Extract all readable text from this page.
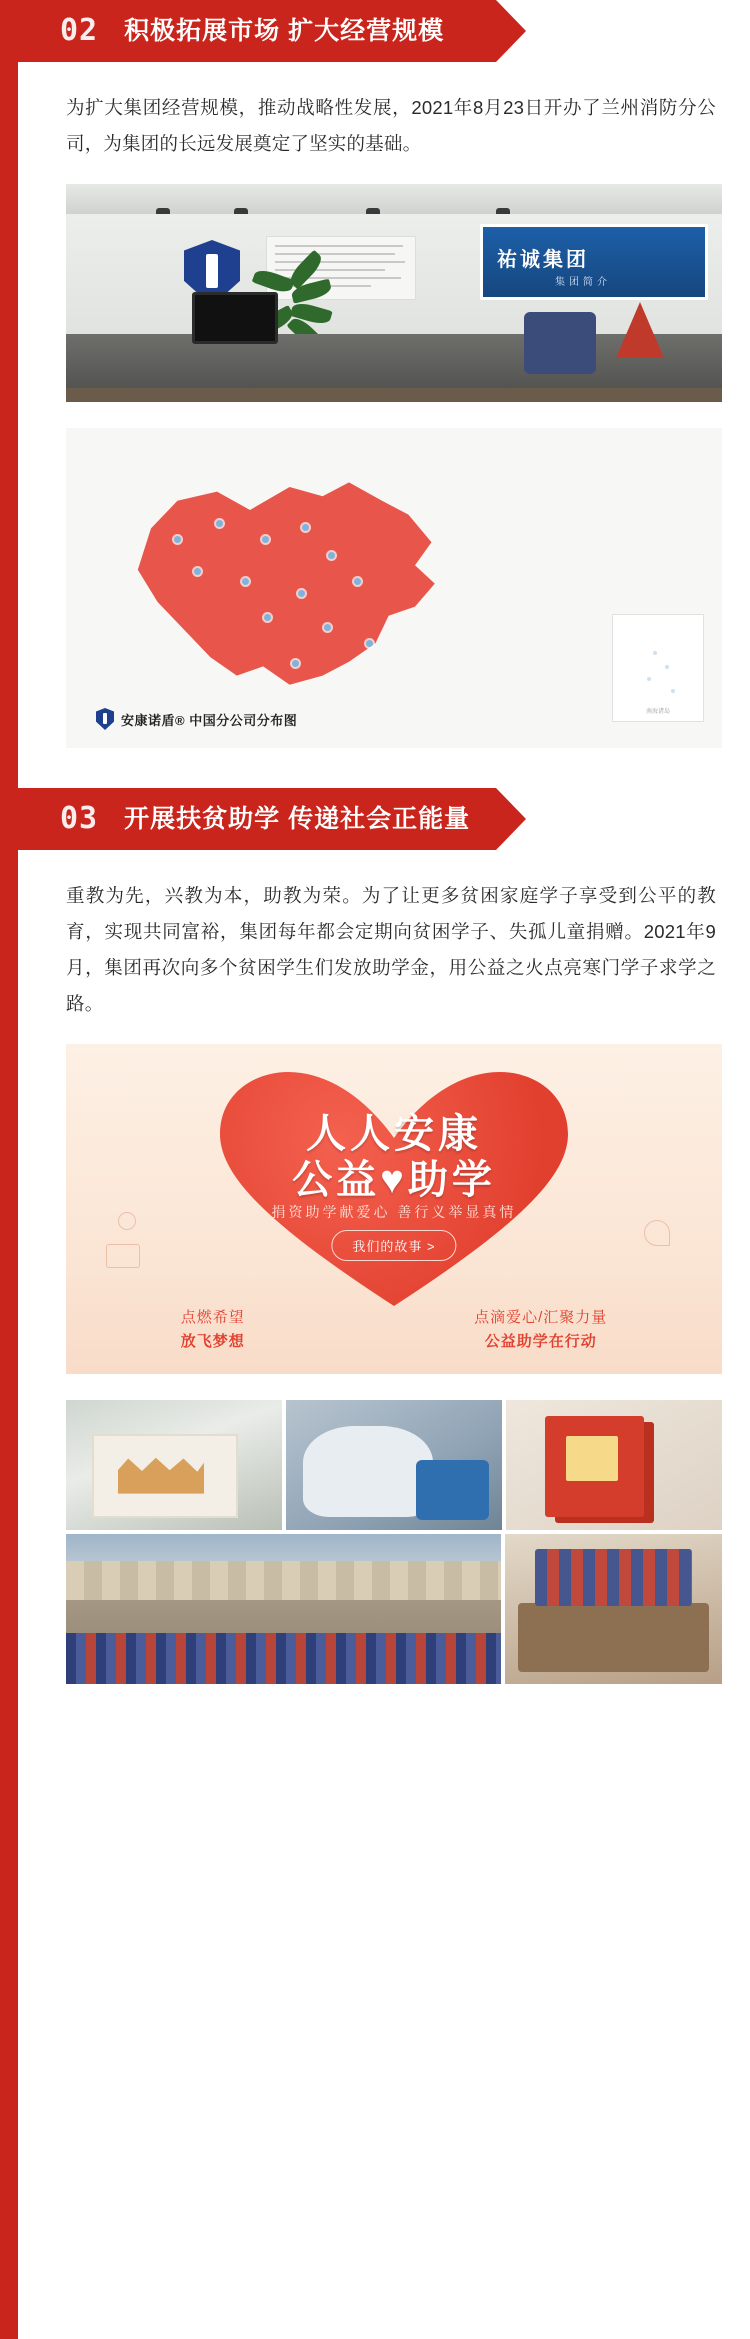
02	积极拓展市场 扩大经营规模
为扩大集团经营规模，推动战略性发展，2021年8月23日开办了兰州消防分公司，为集团的长远发展奠定了坚实的基础。
祐诚集团
集团简介
南海诸岛
安康诺盾® 中国分公司分布图
03	开展扶贫助学 传递社会正能量
重教为先，兴教为本，助教为荣。为了让更多贫困家庭学子享受到公平的教育，实现共同富裕，集团每年都会定期向贫困学子、失孤儿童捐赠。2021年9月，集团再次向多个贫困学生们发放助学金，用公益之火点亮寒门学子求学之路。
人人安康
公益♥助学
捐资助学献爱心 善行义举显真情
我们的故事 >
点燃希望
放飞梦想
点滴爱心/汇聚力量
公益助学在行动
